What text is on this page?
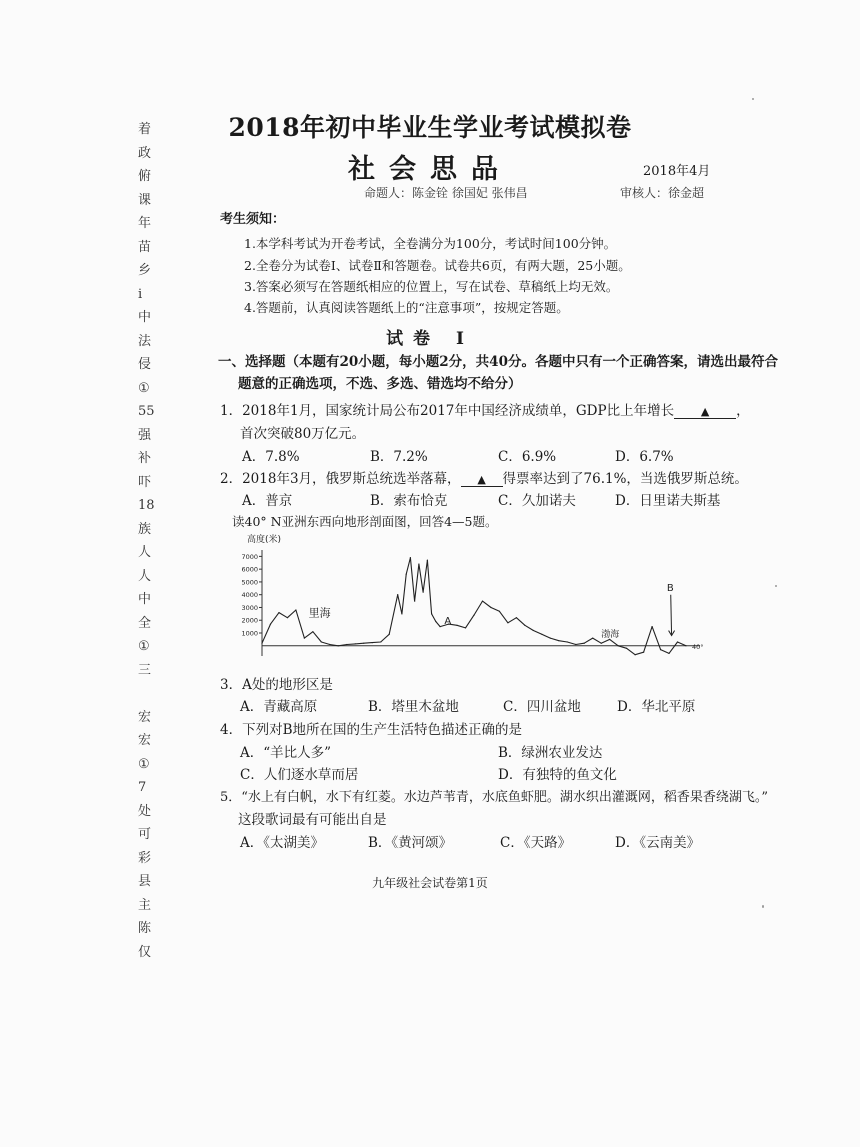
着
政
俯
课
年
苗
乡
i
中
法
侵
①
55
强
补
吓
18
族
人
人
中
全
①
三
宏
宏
①
7
处
可
彩
县
主
陈
仅
2018年初中毕业生学业考试模拟卷
社会思品	2018年4月
命题人：陈金铨 徐国妃 张伟昌	审核人：徐金超
考生须知：
1.本学科考试为开卷考试，全卷满分为100分，考试时间100分钟。
2.全卷分为试卷Ⅰ、试卷Ⅱ和答题卷。试卷共6页，有两大题，25小题。
3.答案必须写在答题纸相应的位置上，写在试卷、草稿纸上均无效。
4.答题前，认真阅读答题纸上的“注意事项”，按规定答题。
试卷 Ⅰ
一、选择题（本题有20小题，每小题2分，共40分。各题中只有一个正确答案，请选出最符合
题意的正确选项，不选、多选、错选均不给分）
1．2018年1月，国家统计局公布2017年中国经济成绩单，GDP比上年增长 ▲ ，
首次突破80万亿元。
A．7.8%	B．7.2%	C．6.9%	D．6.7%
2．2018年3月，俄罗斯总统选举落幕， ▲ 得票率达到了76.1%，当选俄罗斯总统。
A．普京	B．索布恰克	C．久加诺夫	D．日里诺夫斯基
读40° N亚洲东西向地形剖面图，回答4—5题。
高度(米)
1000
2000
3000
4000
5000
6000
7000
40°
里海
A
渤海
B
3．A处的地形区是
A．青藏高原	B．塔里木盆地	C．四川盆地	D．华北平原
4．下列对B地所在国的生产生活特色描述正确的是
A．“羊比人多”	B．绿洲农业发达
C．人们逐水草而居	D．有独特的鱼文化
5．“水上有白帆，水下有红菱。水边芦苇青，水底鱼虾肥。湖水织出灌溉网，稻香果香绕湖飞。”
这段歌词最有可能出自是
A．《太湖美》	B．《黄河颂》	C．《天路》	D．《云南美》
九年级社会试卷第1页
